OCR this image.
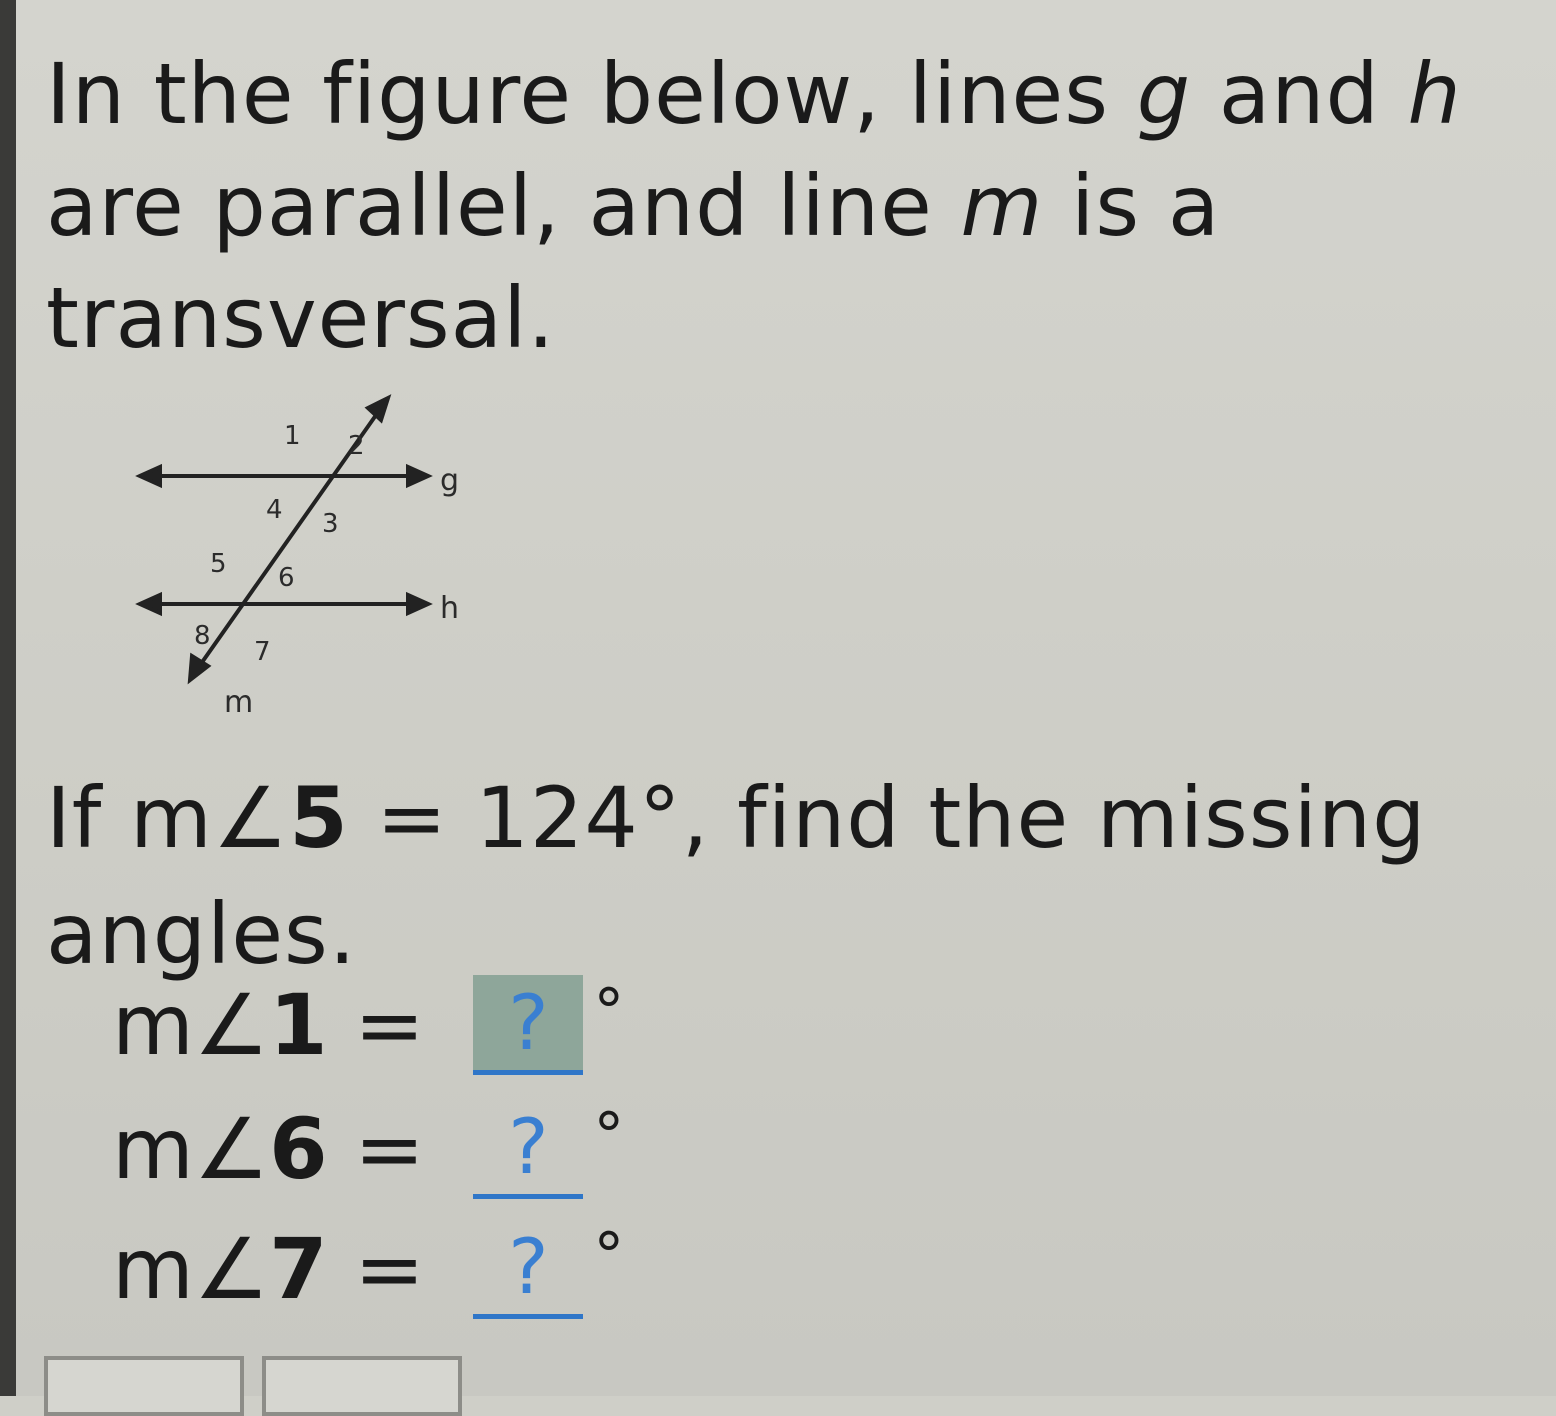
In the figure below, lines g and h are parallel, and line m is a transversal.

1 2
3
4
5 6
7
8
g
h
m

If m∠5 = 124°, find the missing angles.

m∠1 = ? °
m∠6 = ? °
m∠7 = ? °
